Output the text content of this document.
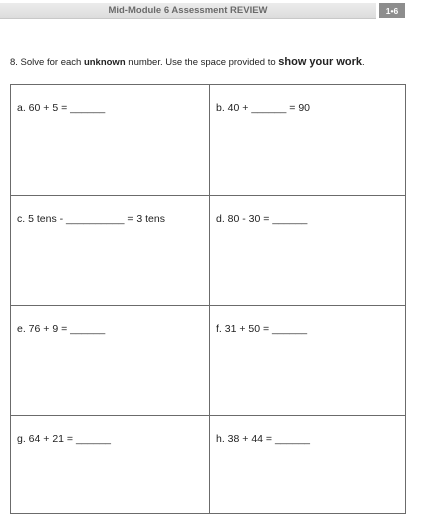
Mid-Module 6 Assessment REVIEW	1•6
8. Solve for each unknown number. Use the space provided to show your work.
a. 60 + 5 = ______	b. 40 + ______ = 90
c. 5 tens - __________ = 3 tens	d. 80 - 30 = ______
e. 76 + 9 = ______	f. 31 + 50 = ______
g. 64 + 21 = ______	h. 38 + 44 = ______
